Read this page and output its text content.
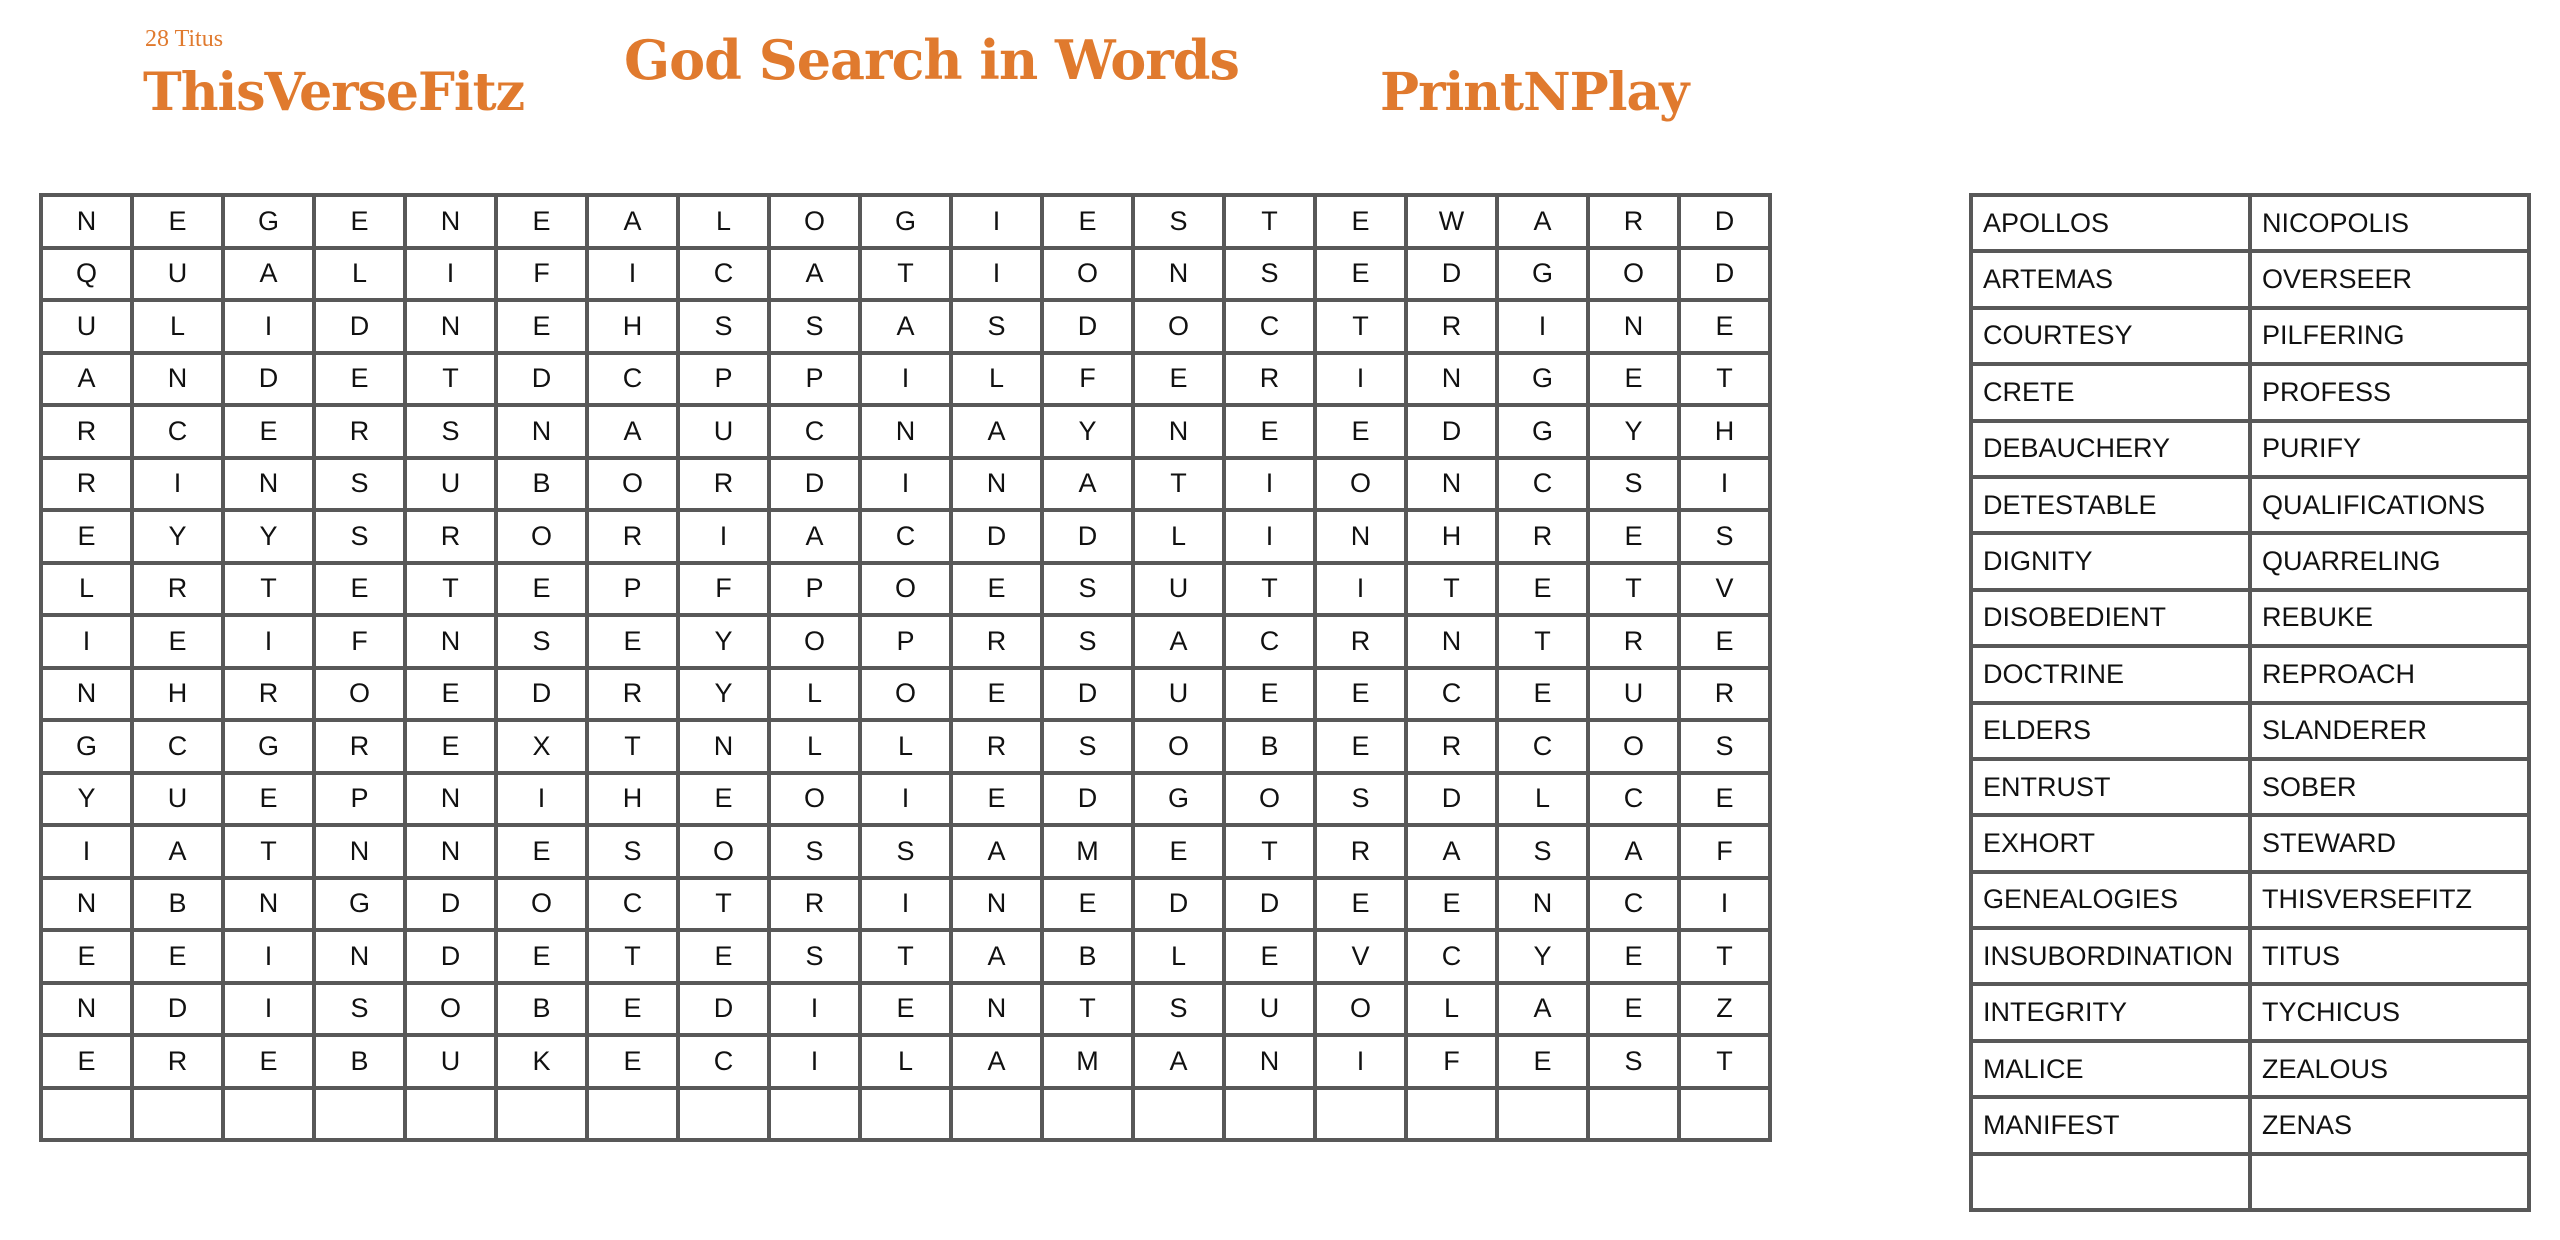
28 Titus
ThisVerseFitz
God Search in Words
PrintNPlay
N	E	G	E	N	E	A	L	O	G	I	E	S	T	E	W	A	R	D
Q	U	A	L	I	F	I	C	A	T	I	O	N	S	E	D	G	O	D
U	L	I	D	N	E	H	S	S	A	S	D	O	C	T	R	I	N	E
A	N	D	E	T	D	C	P	P	I	L	F	E	R	I	N	G	E	T
R	C	E	R	S	N	A	U	C	N	A	Y	N	E	E	D	G	Y	H
R	I	N	S	U	B	O	R	D	I	N	A	T	I	O	N	C	S	I
E	Y	Y	S	R	O	R	I	A	C	D	D	L	I	N	H	R	E	S
L	R	T	E	T	E	P	F	P	O	E	S	U	T	I	T	E	T	V
I	E	I	F	N	S	E	Y	O	P	R	S	A	C	R	N	T	R	E
N	H	R	O	E	D	R	Y	L	O	E	D	U	E	E	C	E	U	R
G	C	G	R	E	X	T	N	L	L	R	S	O	B	E	R	C	O	S
Y	U	E	P	N	I	H	E	O	I	E	D	G	O	S	D	L	C	E
I	A	T	N	N	E	S	O	S	S	A	M	E	T	R	A	S	A	F
N	B	N	G	D	O	C	T	R	I	N	E	D	D	E	E	N	C	I
E	E	I	N	D	E	T	E	S	T	A	B	L	E	V	C	Y	E	T
N	D	I	S	O	B	E	D	I	E	N	T	S	U	O	L	A	E	Z
E	R	E	B	U	K	E	C	I	L	A	M	A	N	I	F	E	S	T

APOLLOS	NICOPOLIS
ARTEMAS	OVERSEER
COURTESY	PILFERING
CRETE	PROFESS
DEBAUCHERY	PURIFY
DETESTABLE	QUALIFICATIONS
DIGNITY	QUARRELING
DISOBEDIENT	REBUKE
DOCTRINE	REPROACH
ELDERS	SLANDERER
ENTRUST	SOBER
EXHORT	STEWARD
GENEALOGIES	THISVERSEFITZ
INSUBORDINATION	TITUS
INTEGRITY	TYCHICUS
MALICE	ZEALOUS
MANIFEST	ZENAS
